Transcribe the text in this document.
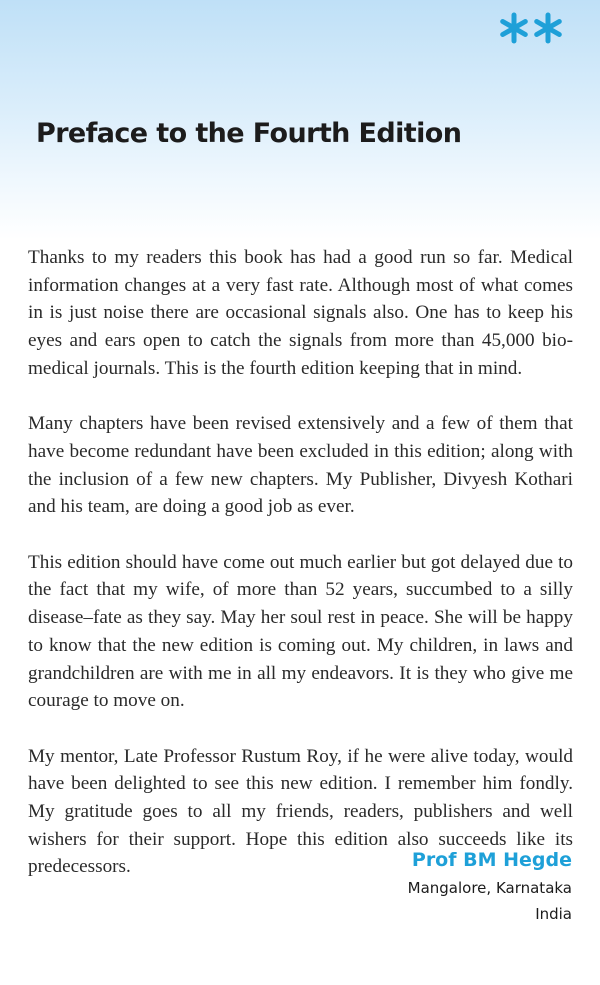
Preface to the Fourth Edition

Thanks to my readers this book has had a good run so far. Medical information changes at a very fast rate. Although most of what comes in is just noise there are occasional signals also. One has to keep his eyes and ears open to catch the signals from more than 45,000 bio-medical journals. This is the fourth edition keeping that in mind.

Many chapters have been revised extensively and a few of them that have become redundant have been excluded in this edition; along with the inclusion of a few new chapters. My Publisher, Divyesh Kothari and his team, are doing a good job as ever.

This edition should have come out much earlier but got delayed due to the fact that my wife, of more than 52 years, succumbed to a silly disease–fate as they say. May her soul rest in peace. She will be happy to know that the new edition is coming out. My children, in laws and grandchildren are with me in all my endeavors. It is they who give me courage to move on.

My mentor, Late Professor Rustum Roy, if he were alive today, would have been delighted to see this new edition. I remember him fondly. My gratitude goes to all my friends, readers, publishers and well wishers for their support. Hope this edition also succeeds like its predecessors.	Prof BM Hegde
Mangalore, Karnataka
India
